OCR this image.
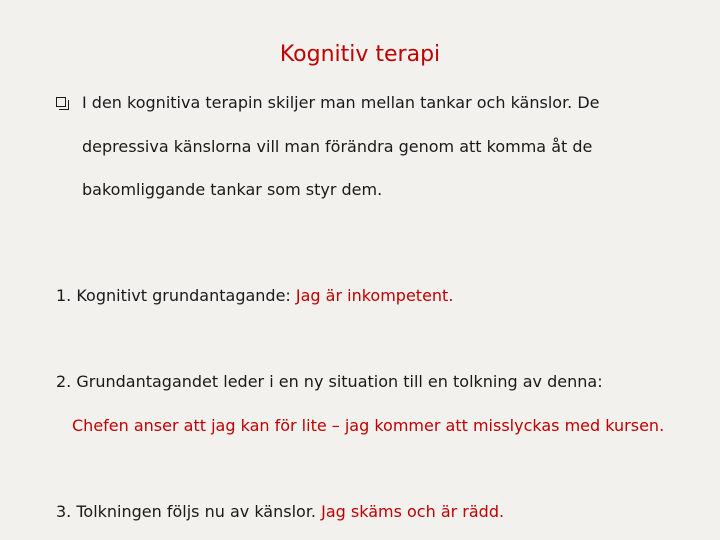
Kognitiv terapi
I den kognitiva terapin skiljer man mellan tankar och känslor. De
depressiva känslorna vill man förändra genom att komma åt de
bakomliggande tankar som styr dem.
1. Kognitivt grundantagande: Jag är inkompetent.
2. Grundantagandet leder i en ny situation till en tolkning av denna:
Chefen anser att jag kan för lite – jag kommer att misslyckas med kursen.
3. Tolkningen följs nu av känslor. Jag skäms och är rädd.
